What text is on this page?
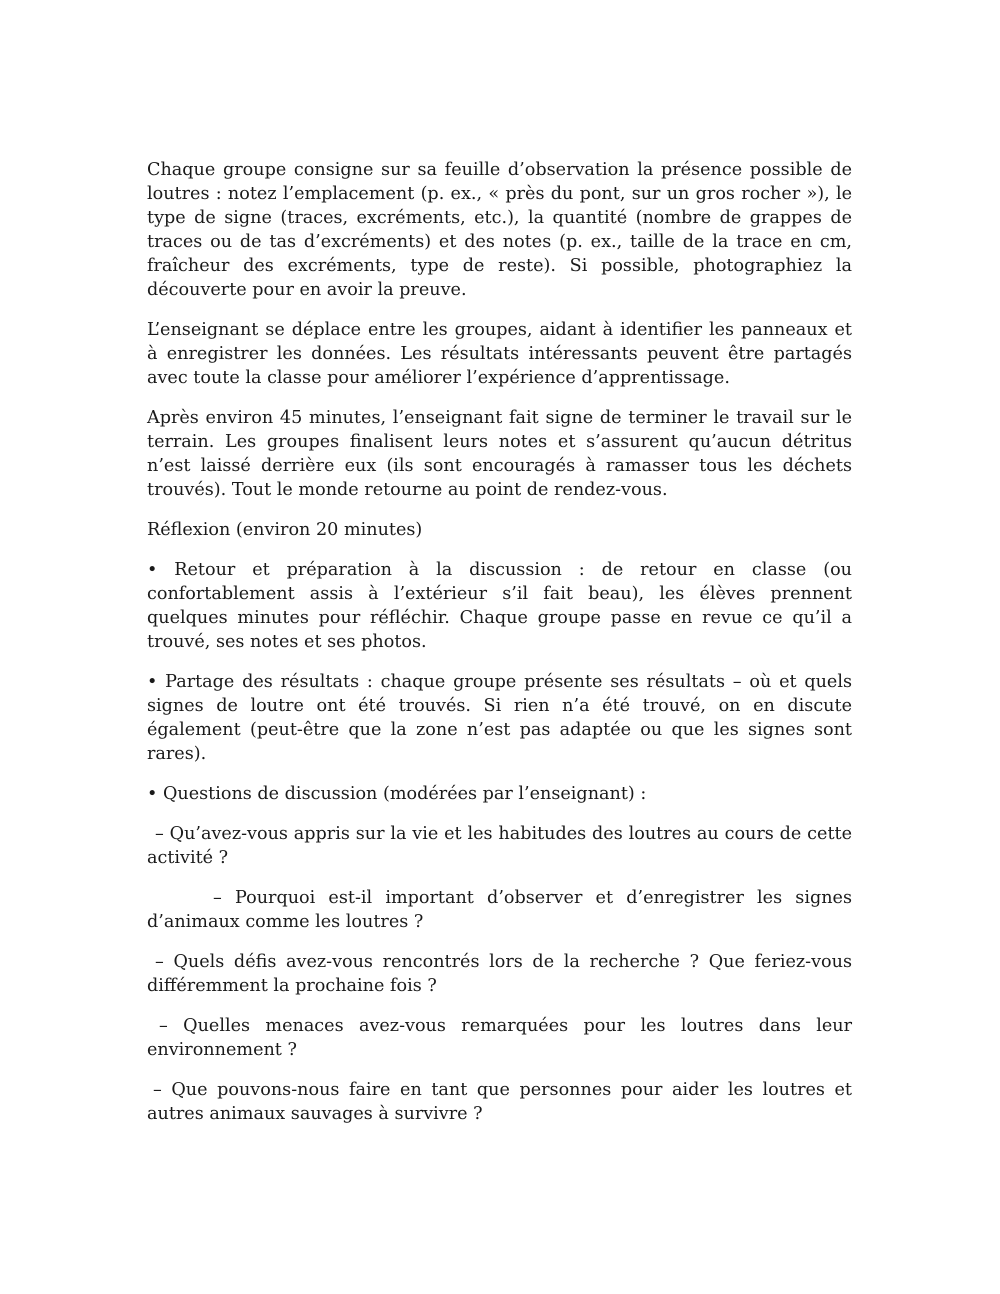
Chaque groupe consigne sur sa feuille d’observation la présence possible de loutres : notez l’emplacement (p. ex., « près du pont, sur un gros rocher »), le type de signe (traces, excréments, etc.), la quantité (nombre de grappes de traces ou de tas d’excréments) et des notes (p. ex., taille de la trace en cm, fraîcheur des excréments, type de reste). Si possible, photographiez la découverte pour en avoir la preuve.

L’enseignant se déplace entre les groupes, aidant à identifier les panneaux et à enregistrer les données. Les résultats intéressants peuvent être partagés avec toute la classe pour améliorer l’expérience d’apprentissage.

Après environ 45 minutes, l’enseignant fait signe de terminer le travail sur le terrain. Les groupes finalisent leurs notes et s’assurent qu’aucun détritus n’est laissé derrière eux (ils sont encouragés à ramasser tous les déchets trouvés). Tout le monde retourne au point de rendez-vous.

Réflexion (environ 20 minutes)

• Retour et préparation à la discussion : de retour en classe (ou confortablement assis à l’extérieur s’il fait beau), les élèves prennent quelques minutes pour réfléchir. Chaque groupe passe en revue ce qu’il a trouvé, ses notes et ses photos.

• Partage des résultats : chaque groupe présente ses résultats – où et quels signes de loutre ont été trouvés. Si rien n’a été trouvé, on en discute également (peut-être que la zone n’est pas adaptée ou que les signes sont rares).

• Questions de discussion (modérées par l’enseignant) :

– Qu’avez-vous appris sur la vie et les habitudes des loutres au cours de cette activité ?

– Pourquoi est-il important d’observer et d’enregistrer les signes d’animaux comme les loutres ?

– Quels défis avez-vous rencontrés lors de la recherche ? Que feriez-vous différemment la prochaine fois ?

– Quelles menaces avez-vous remarquées pour les loutres dans leur environnement ?

– Que pouvons-nous faire en tant que personnes pour aider les loutres et autres animaux sauvages à survivre ?
